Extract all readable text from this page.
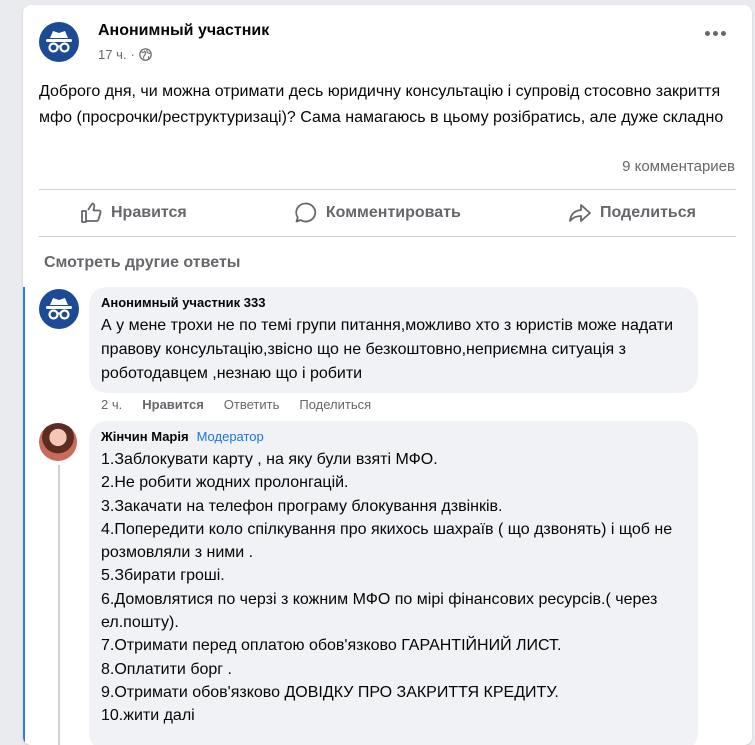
Анонимный участник
17 ч. ·
Доброго дня, чи можна отримати десь юридичну консультацію і супровід стосовно закриття мфо (просрочки/реструктуризаці)? Сама намагаюсь в цьому розібратись, але дуже складно
9 комментариев
Нравится	Комментировать	Поделиться
Смотреть другие ответы
Анонимный участник 333
А у мене трохи не по темі групи питання,можливо хто з юристів може надати правову консультацію,звісно що не безкоштовно,неприємна ситуація з роботодавцем ,незнаю що і робити
2 ч. Нравится Ответить Поделиться
Жінчин Марія Модератор
1.Заблокувати карту , на яку були взяті МФО.
2.Не робити жодних пролонгацій.
3.Закачати на телефон програму блокування дзвінків.
4.Попередити коло спілкування про якихось шахраїв ( що дзвонять) і щоб не розмовляли з ними .
5.Збирати гроші.
6.Домовлятися по черзі з кожним МФО по мірі фінансових ресурсів.( через ел.пошту).
7.Отримати перед оплатою обов'язково ГАРАНТІЙНИЙ ЛИСТ.
8.Оплатити борг .
9.Отримати обов'язково ДОВІДКУ ПРО ЗАКРИТТЯ КРЕДИТУ.
10.жити далі
